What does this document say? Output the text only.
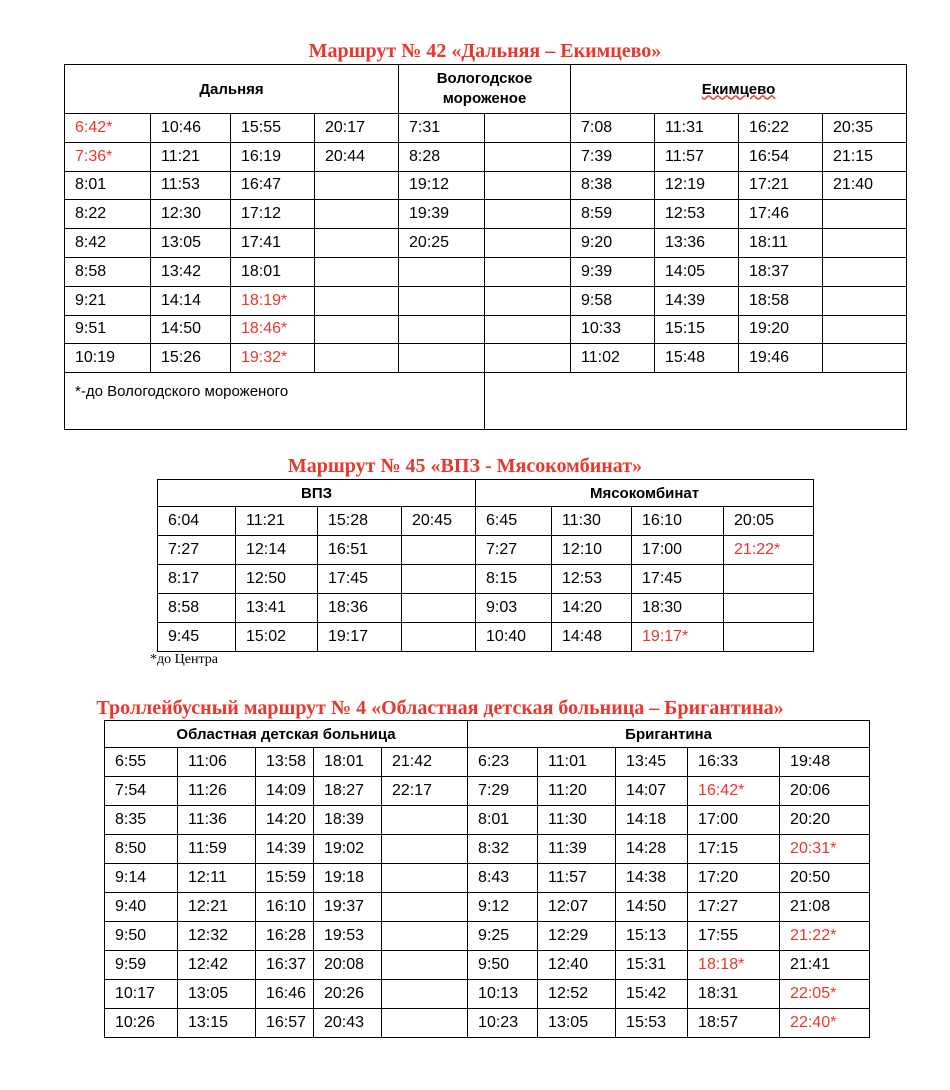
Маршрут № 42 «Дальняя – Екимцево»
Дальняя				Вологодское мороженое		Екимцево			
6:42*	10:46	15:55	20:17	7:31		7:08	11:31	16:22	20:35
7:36*	11:21	16:19	20:44	8:28		7:39	11:57	16:54	21:15
8:01	11:53	16:47		19:12		8:38	12:19	17:21	21:40
8:22	12:30	17:12		19:39		8:59	12:53	17:46	
8:42	13:05	17:41		20:25		9:20	13:36	18:11	
8:58	13:42	18:01				9:39	14:05	18:37	
9:21	14:14	18:19*				9:58	14:39	18:58	
9:51	14:50	18:46*				10:33	15:15	19:20	
10:19	15:26	19:32*				11:02	15:48	19:46	
*-до Вологодского мороженого									
Маршрут № 45 «ВПЗ - Мясокомбинат»
ВПЗ				Мясокомбинат			
6:04	11:21	15:28	20:45	6:45	11:30	16:10	20:05
7:27	12:14	16:51		7:27	12:10	17:00	21:22*
8:17	12:50	17:45		8:15	12:53	17:45	
8:58	13:41	18:36		9:03	14:20	18:30	
9:45	15:02	19:17		10:40	14:48	19:17*	
*до Центра
Троллейбусный маршрут № 4 «Областная детская больница – Бригантина»
Областная детская больница					Бригантина				
6:55	11:06	13:58	18:01	21:42	6:23	11:01	13:45	16:33	19:48
7:54	11:26	14:09	18:27	22:17	7:29	11:20	14:07	16:42*	20:06
8:35	11:36	14:20	18:39		8:01	11:30	14:18	17:00	20:20
8:50	11:59	14:39	19:02		8:32	11:39	14:28	17:15	20:31*
9:14	12:11	15:59	19:18		8:43	11:57	14:38	17:20	20:50
9:40	12:21	16:10	19:37		9:12	12:07	14:50	17:27	21:08
9:50	12:32	16:28	19:53		9:25	12:29	15:13	17:55	21:22*
9:59	12:42	16:37	20:08		9:50	12:40	15:31	18:18*	21:41
10:17	13:05	16:46	20:26		10:13	12:52	15:42	18:31	22:05*
10:26	13:15	16:57	20:43		10:23	13:05	15:53	18:57	22:40*
